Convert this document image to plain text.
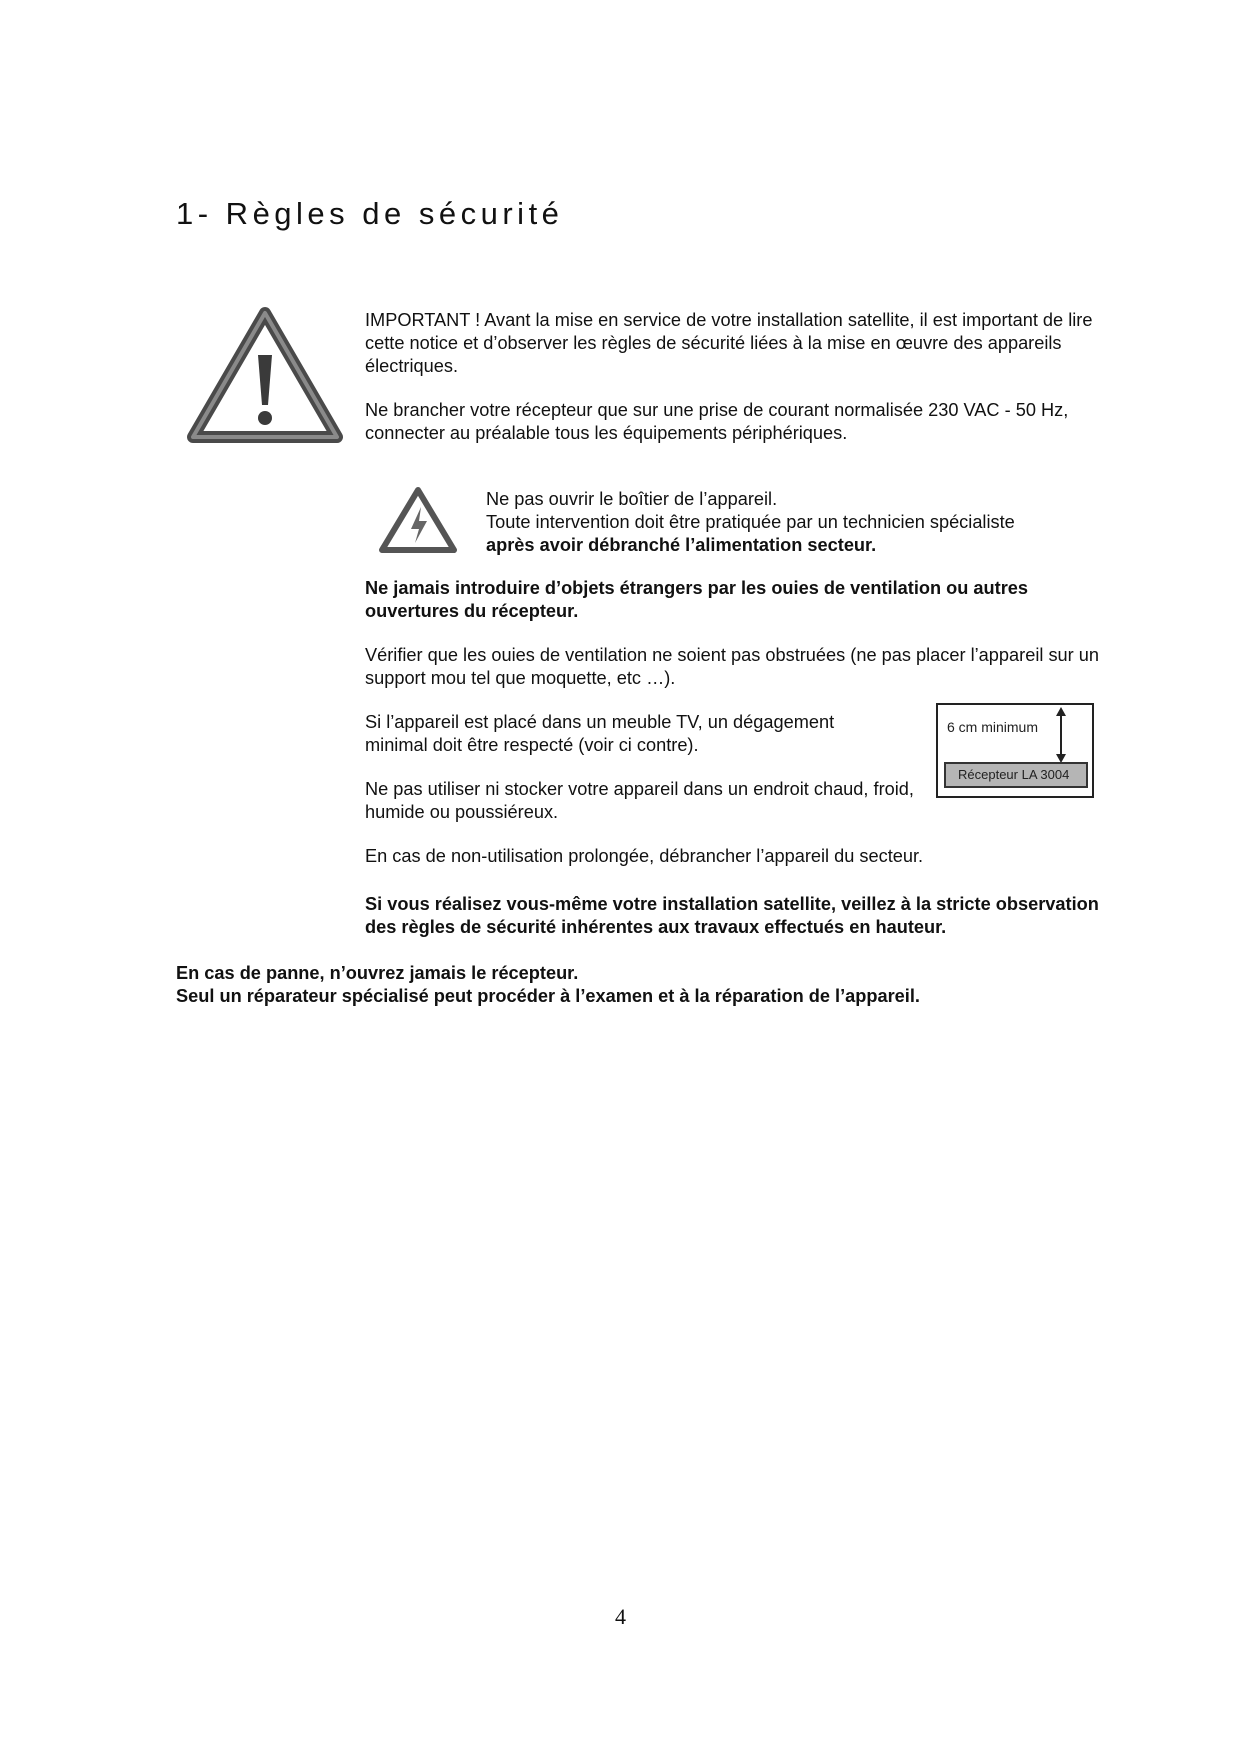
1- Règles de sécurité
IMPORTANT ! Avant la mise en service de votre installation satellite, il est important de lire cette notice et d’observer les règles de sécurité liées à la mise en œuvre des appareils électriques.
Ne brancher votre récepteur que sur une prise de courant normalisée 230 VAC - 50 Hz, connecter au préalable tous les équipements périphériques.
Ne pas ouvrir le boîtier de l’appareil.
Toute intervention doit être pratiquée par un technicien spécialiste
après avoir débranché l’alimentation secteur.
Ne jamais introduire d’objets étrangers par les ouies de ventilation ou autres ouvertures du récepteur.
Vérifier que les ouies de ventilation ne soient pas obstruées (ne pas placer l’appareil sur un support mou tel que moquette, etc …).
Si l’appareil est placé dans un meuble TV, un dégagement minimal doit être respecté (voir ci contre).
Ne pas utiliser ni stocker votre appareil dans un endroit chaud, froid, humide ou poussiéreux.
6 cm minimum
Récepteur LA 3004
En cas de non-utilisation prolongée, débrancher l’appareil du secteur.
Si vous réalisez vous-même votre installation satellite, veillez à la stricte observation des règles de sécurité inhérentes aux travaux effectués en hauteur.
En cas de panne, n’ouvrez jamais le récepteur.
Seul un réparateur spécialisé peut procéder à l’examen et à la réparation de l’appareil.
4
